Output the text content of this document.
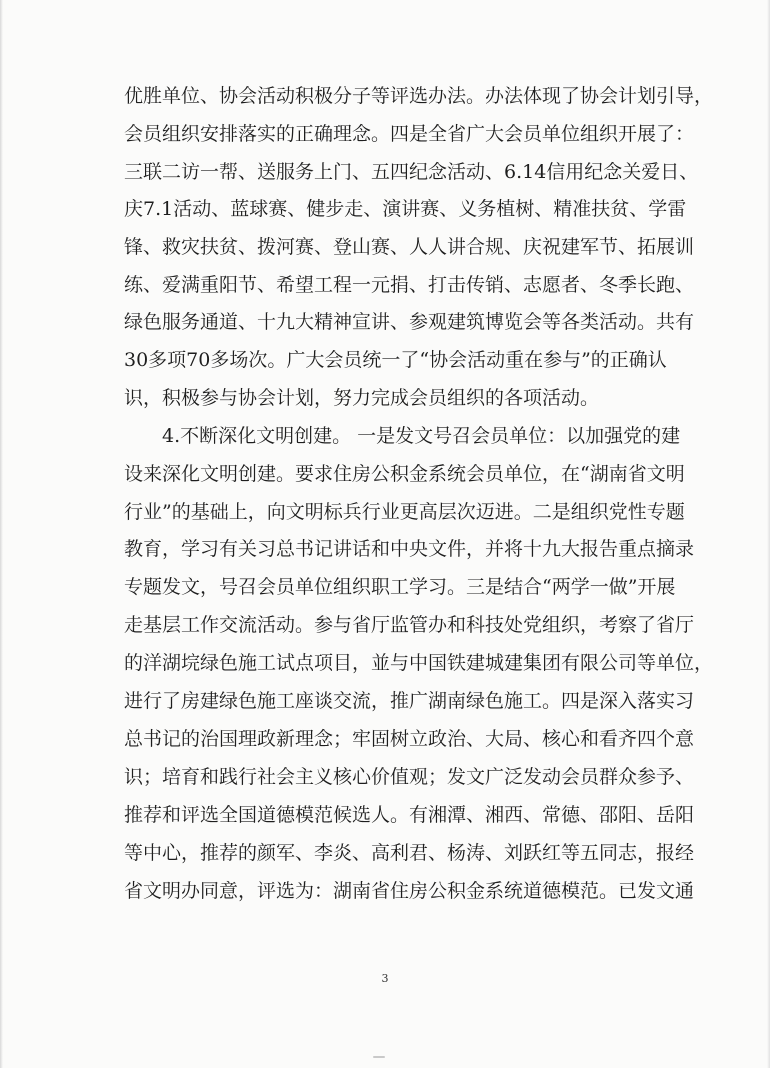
优胜单位、协会活动积极分子等评选办法。办法体现了协会计划引导，
会员组织安排落实的正确理念。四是全省广大会员单位组织开展了：
三联二访一帮、送服务上门、五四纪念活动、6.14信用纪念关爱日、
庆7.1活动、蓝球赛、健步走、演讲赛、义务植树、精准扶贫、学雷
锋、救灾扶贫、拨河赛、登山赛、人人讲合规、庆祝建军节、拓展训
练、爱满重阳节、希望工程一元捐、打击传销、志愿者、冬季长跑、
绿色服务通道、十九大精神宣讲、参观建筑博览会等各类活动。共有
30多项70多场次。广大会员统一了“协会活动重在参与”的正确认
识，积极参与协会计划，努力完成会员组织的各项活动。
4.不断深化文明创建。 一是发文号召会员单位：以加强党的建
设来深化文明创建。要求住房公积金系统会员单位，在“湖南省文明
行业”的基础上，向文明标兵行业更高层次迈进。二是组织党性专题
教育，学习有关习总书记讲话和中央文件，并将十九大报告重点摘录
专题发文，号召会员单位组织职工学习。三是结合“两学一做”开展
走基层工作交流活动。参与省厅监管办和科技处党组织，考察了省厅
的洋湖垸绿色施工试点项目，並与中国铁建城建集团有限公司等单位，
进行了房建绿色施工座谈交流，推广湖南绿色施工。四是深入落实习
总书记的治国理政新理念；牢固树立政治、大局、核心和看齐四个意
识；培育和践行社会主义核心价值观；发文广泛发动会员群众参予、
推荐和评选全国道德模范候选人。有湘潭、湘西、常德、邵阳、岳阳
等中心，推荐的颜军、李炎、高利君、杨涛、刘跃红等五同志，报经
省文明办同意，评选为：湖南省住房公积金系统道德模范。已发文通
3
